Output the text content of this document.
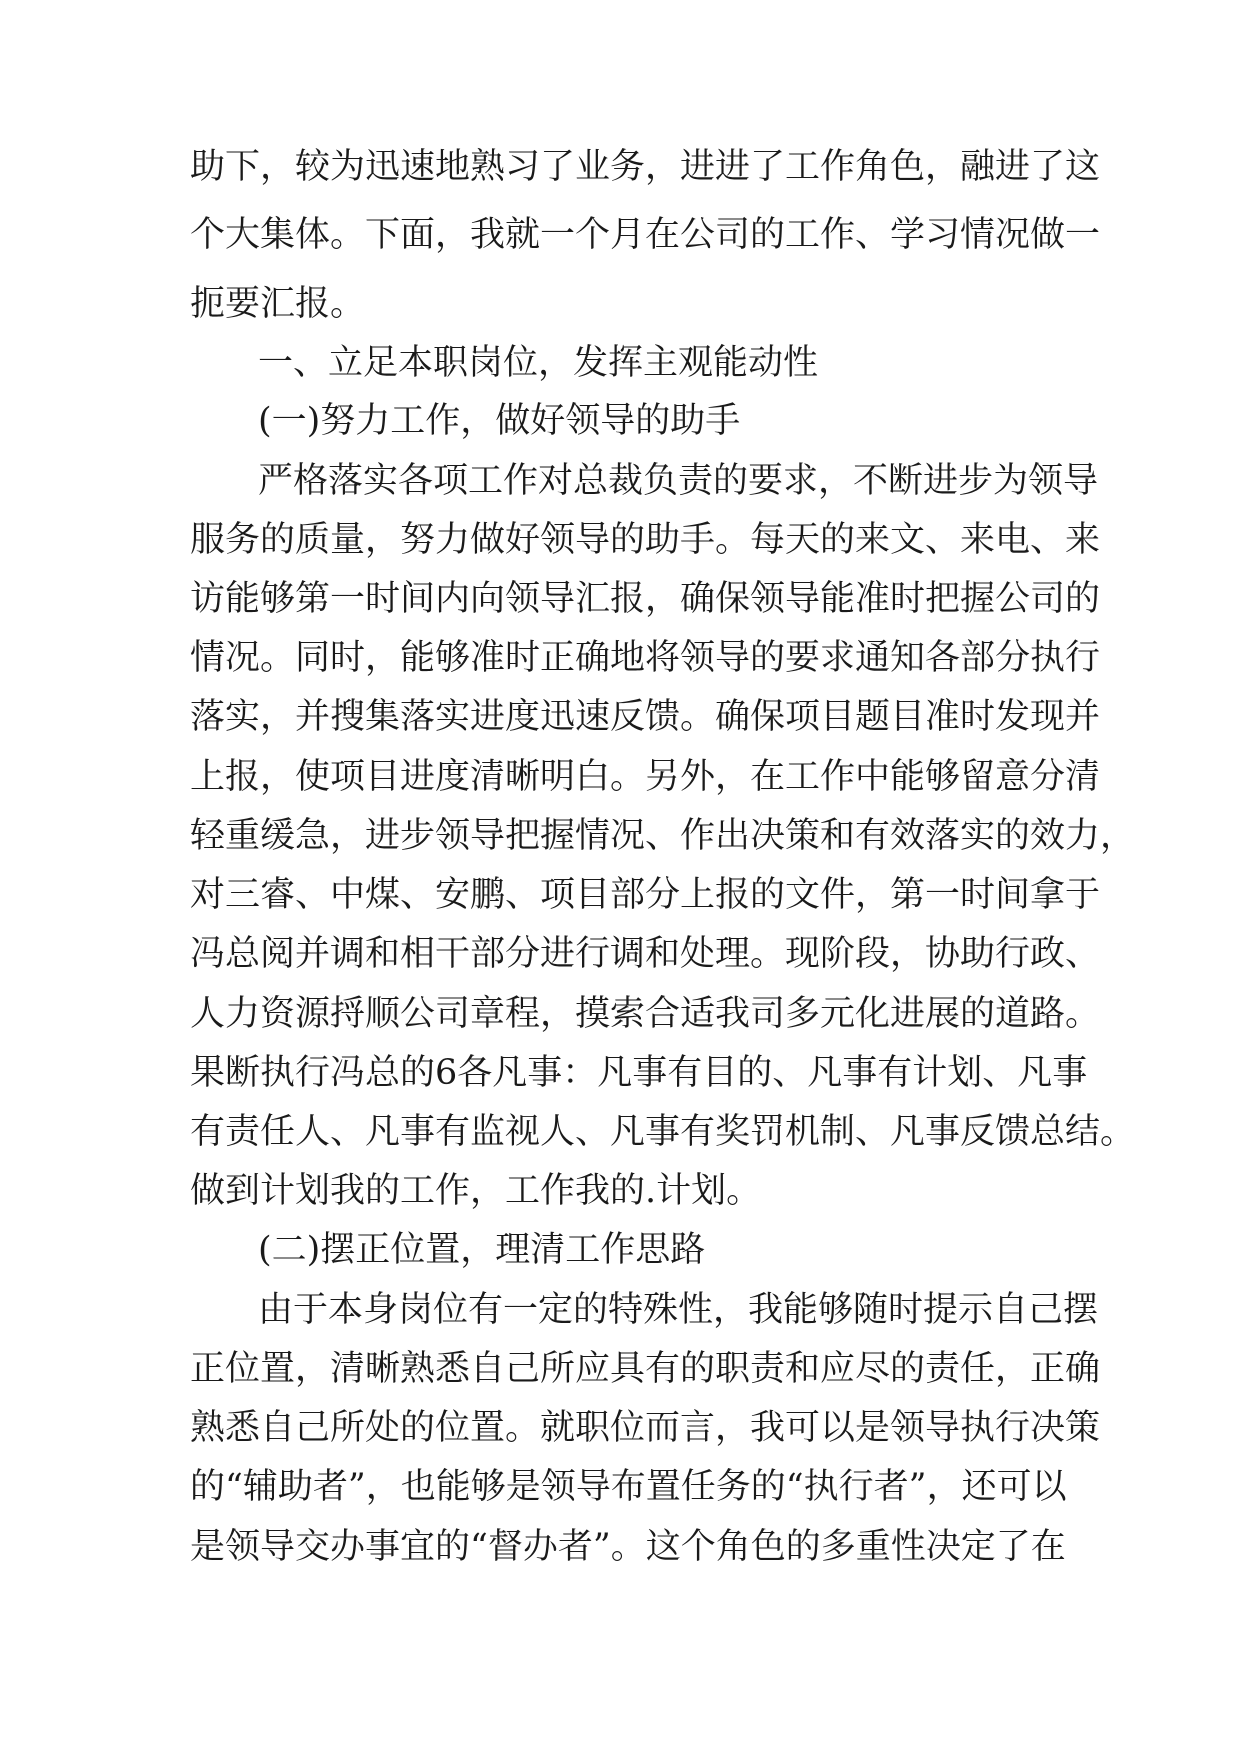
助下，较为迅速地熟习了业务，进进了工作角色，融进了这

个大集体。下面，我就一个月在公司的工作、学习情况做一

扼要汇报。

一、立足本职岗位，发挥主观能动性

(一)努力工作，做好领导的助手

严格落实各项工作对总裁负责的要求，不断进步为领导

服务的质量，努力做好领导的助手。每天的来文、来电、来

访能够第一时间内向领导汇报，确保领导能准时把握公司的

情况。同时，能够准时正确地将领导的要求通知各部分执行

落实，并搜集落实进度迅速反馈。确保项目题目准时发现并

上报，使项目进度清晰明白。另外，在工作中能够留意分清

轻重缓急，进步领导把握情况、作出决策和有效落实的效力，

对三睿、中煤、安鹏、项目部分上报的文件，第一时间拿于

冯总阅并调和相干部分进行调和处理。现阶段，协助行政、

人力资源捋顺公司章程，摸索合适我司多元化进展的道路。

果断执行冯总的6各凡事：凡事有目的、凡事有计划、凡事

有责任人、凡事有监视人、凡事有奖罚机制、凡事反馈总结。

做到计划我的工作，工作我的.计划。

(二)摆正位置，理清工作思路

由于本身岗位有一定的特殊性，我能够随时提示自己摆

正位置，清晰熟悉自己所应具有的职责和应尽的责任，正确

熟悉自己所处的位置。就职位而言，我可以是领导执行决策

的“辅助者”，也能够是领导布置任务的“执行者”，还可以

是领导交办事宜的“督办者”。这个角色的多重性决定了在
